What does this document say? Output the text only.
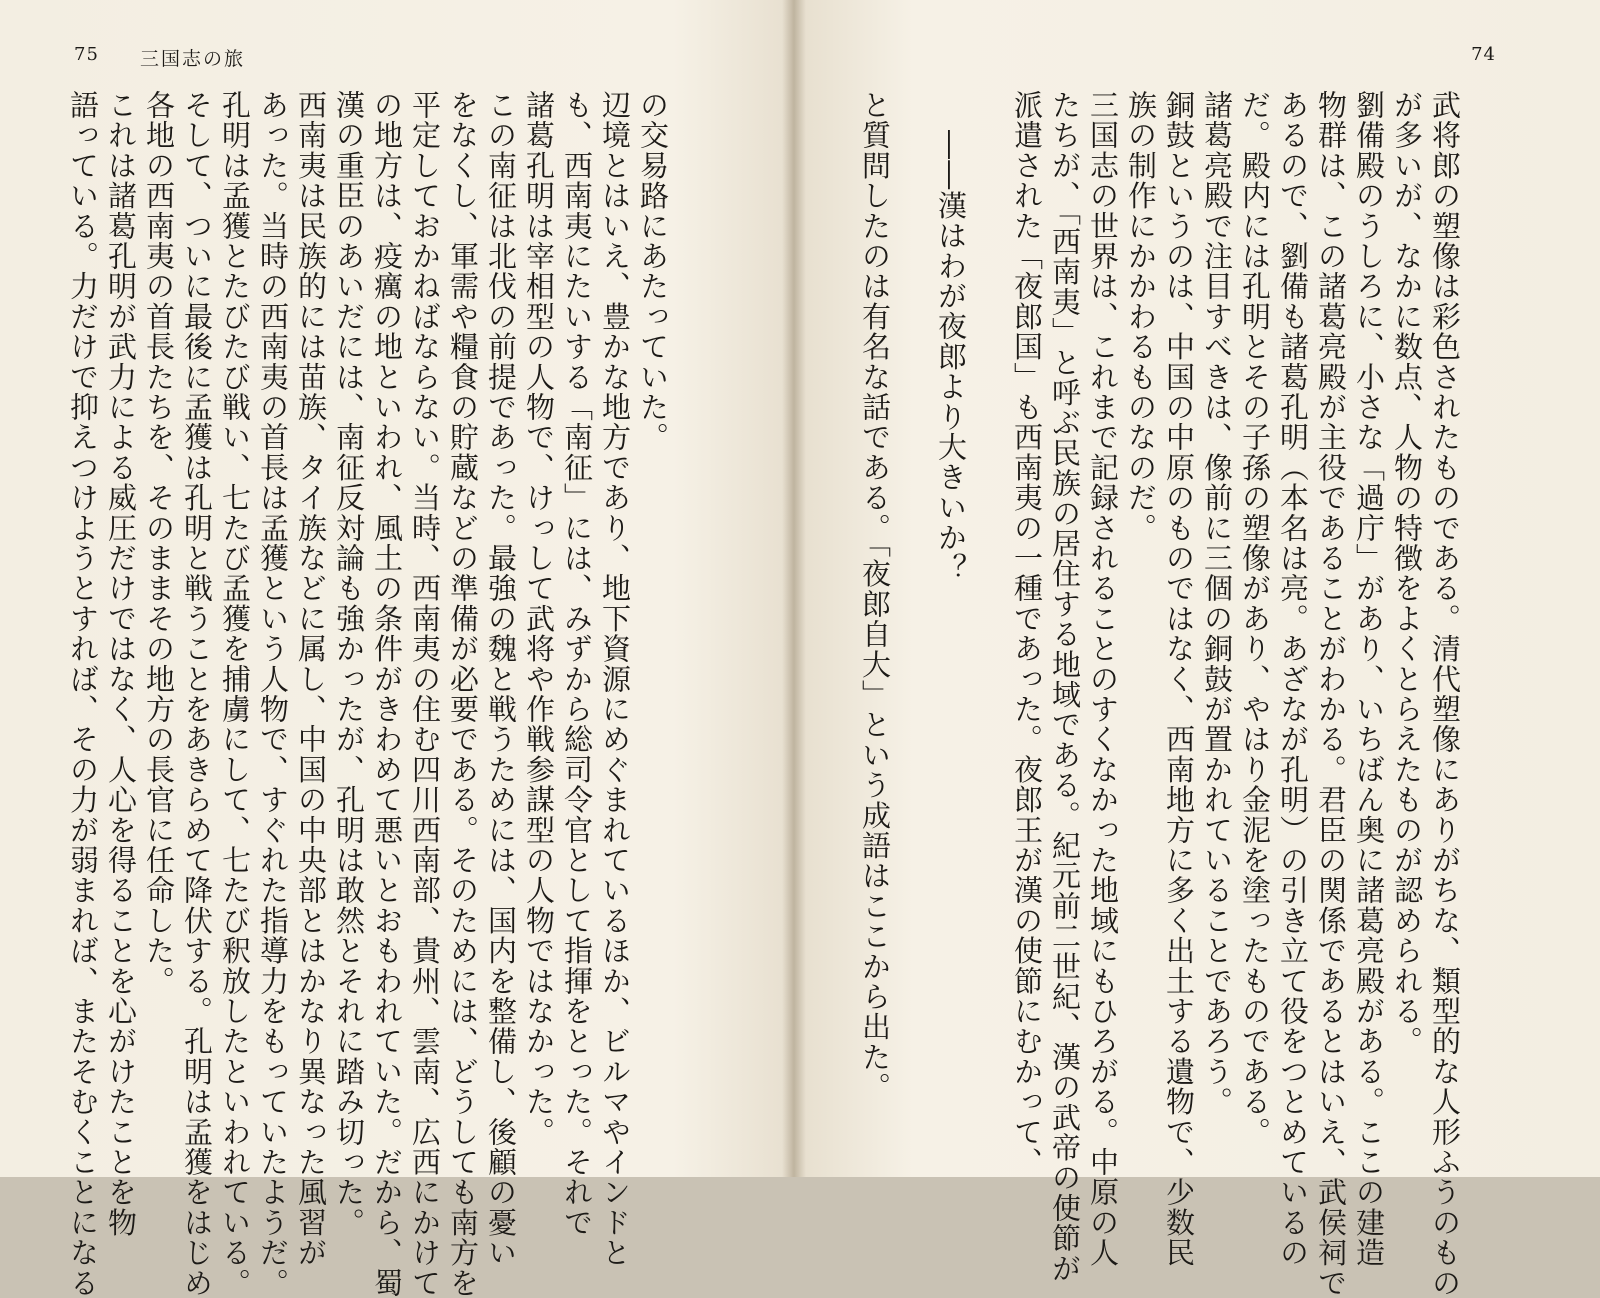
75 三国志の旅
の交易路にあたっていた。
辺境とはいえ、豊かな地方であり、地下資源にめぐまれているほか、ビルマやインドと
も、西南夷にたいする「南征」には、みずから総司令官として指揮をとった。それで
諸葛孔明は宰相型の人物で、けっして武将や作戦参謀型の人物ではなかった。
この南征は北伐の前提であった。最強の魏と戦うためには、国内を整備し、後顧の憂い
をなくし、軍需や糧食の貯蔵などの準備が必要である。そのためには、どうしても南方を
平定しておかねばならない。当時、西南夷の住む四川西南部、貴州、雲南、広西にかけて
の地方は、疫癘の地といわれ、風土の条件がきわめて悪いとおもわれていた。だから、蜀
漢の重臣のあいだには、南征反対論も強かったが、孔明は敢然とそれに踏み切った。
西南夷は民族的には苗族、タイ族などに属し、中国の中央部とはかなり異なった風習が
あった。当時の西南夷の首長は孟獲という人物で、すぐれた指導力をもっていたようだ。
孔明は孟獲とたびたび戦い、七たび孟獲を捕虜にして、七たび釈放したといわれている。
そして、ついに最後に孟獲は孔明と戦うことをあきらめて降伏する。孔明は孟獲をはじめ
各地の西南夷の首長たちを、そのままその地方の長官に任命した。
これは諸葛孔明が武力による威圧だけではなく、人心を得ることを心がけたことを物
語っている。力だけで抑えつけようとすれば、その力が弱まれば、またそむくことになる
74
武将郎の塑像は彩色されたものである。清代塑像にありがちな、類型的な人形ふうのもの
が多いが、なかに数点、人物の特徴をよくとらえたものが認められる。
劉備殿のうしろに、小さな「過庁」があり、いちばん奥に諸葛亮殿がある。ここの建造
物群は、この諸葛亮殿が主役であることがわかる。君臣の関係であるとはいえ、武侯祠で
あるので、劉備も諸葛孔明（本名は亮。あざなが孔明）の引き立て役をつとめているの
だ。殿内には孔明とその子孫の塑像があり、やはり金泥を塗ったものである。
諸葛亮殿で注目すべきは、像前に三個の銅鼓が置かれていることであろう。
銅鼓というのは、中国の中原のものではなく、西南地方に多く出土する遺物で、少数民
族の制作にかかわるものなのだ。
三国志の世界は、これまで記録されることのすくなかった地域にもひろがる。中原の人
たちが、「西南夷」と呼ぶ民族の居住する地域である。紀元前二世紀、漢の武帝の使節が
派遣された「夜郎国」も西南夷の一種であった。夜郎王が漢の使節にむかって、
――漢はわが夜郎より大きいか？
と質問したのは有名な話である。「夜郎自大」という成語はここから出た。
